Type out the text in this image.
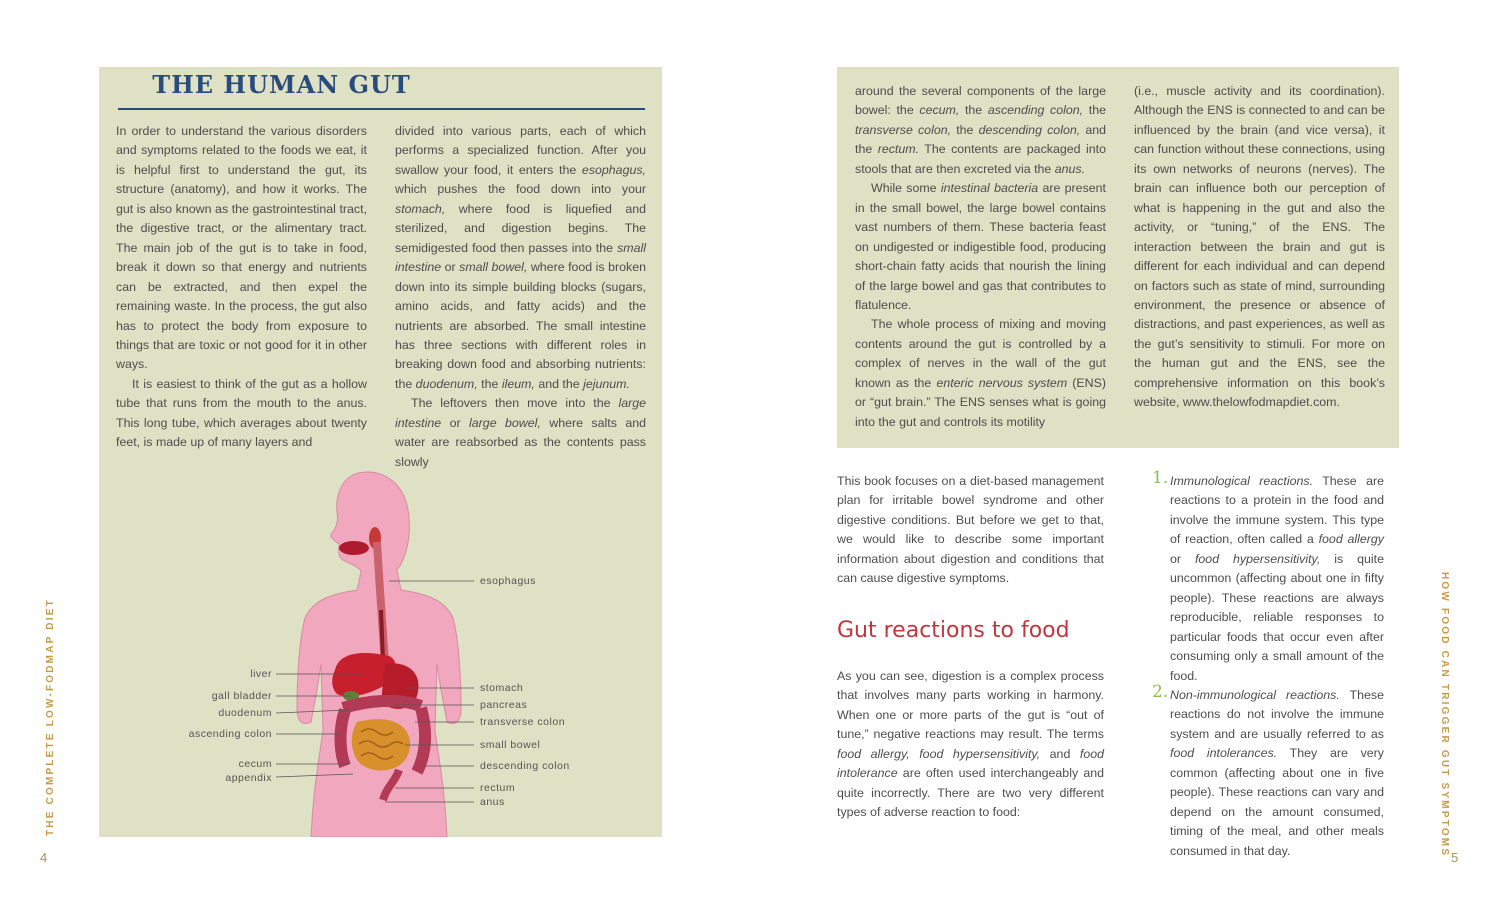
THE HUMAN GUT

In order to understand the various disorders and symptoms related to the foods we eat, it is helpful first to understand the gut, its structure (anatomy), and how it works. The gut is also known as the gastrointestinal tract, the digestive tract, or the alimentary tract. The main job of the gut is to take in food, break it down so that energy and nutrients can be extracted, and then expel the remaining waste. In the process, the gut also has to protect the body from exposure to things that are toxic or not good for it in other ways.

It is easiest to think of the gut as a hollow tube that runs from the mouth to the anus. This long tube, which averages about twenty feet, is made up of many layers and

divided into various parts, each of which performs a specialized function. After you swallow your food, it enters the esophagus, which pushes the food down into your stomach, where food is liquefied and sterilized, and digestion begins. The semidigested food then passes into the small intestine or small bowel, where food is broken down into its simple building blocks (sugars, amino acids, and fatty acids) and the nutrients are absorbed. The small intestine has three sections with different roles in breaking down food and absorbing nutrients: the duodenum, the ileum, and the jejunum.

The leftovers then move into the large intestine or large bowel, where salts and water are reabsorbed as the contents pass slowly

esophagus
liver
gall bladder
duodenum
ascending colon
cecum
appendix
stomach
pancreas
transverse colon
small bowel
descending colon
rectum
anus
THE COMPLETE LOW-FODMAP DIET
4

around the several components of the large bowel: the cecum, the ascending colon, the transverse colon, the descending colon, and the rectum. The contents are packaged into stools that are then excreted via the anus.

While some intestinal bacteria are present in the small bowel, the large bowel contains vast numbers of them. These bacteria feast on undigested or indigestible food, producing short-chain fatty acids that nourish the lining of the large bowel and gas that contributes to flatulence.

The whole process of mixing and moving contents around the gut is controlled by a complex of nerves in the wall of the gut known as the enteric nervous system (ENS) or “gut brain.” The ENS senses what is going into the gut and controls its motility

(i.e., muscle activity and its coordination). Although the ENS is connected to and can be influenced by the brain (and vice versa), it can function without these connections, using its own networks of neurons (nerves). The brain can influence both our perception of what is happening in the gut and also the activity, or “tuning,” of the ENS. The interaction between the brain and gut is different for each individual and can depend on factors such as state of mind, surrounding environment, the presence or absence of distractions, and past experiences, as well as the gut’s sensitivity to stimuli. For more on the human gut and the ENS, see the comprehensive information on this book’s website, www.thelowfodmapdiet.com.

This book focuses on a diet-based management plan for irritable bowel syndrome and other digestive conditions. But before we get to that, we would like to describe some important information about digestion and conditions that can cause digestive symptoms.

Gut reactions to food

As you can see, digestion is a complex process that involves many parts working in harmony. When one or more parts of the gut is “out of tune,” negative reactions may result. The terms food allergy, food hypersensitivity, and food intolerance are often used interchangeably and quite incorrectly. There are two very different types of adverse reaction to food:

1. Immunological reactions. These are reactions to a protein in the food and involve the immune system. This type of reaction, often called a food allergy or food hypersensitivity, is quite uncommon (affecting about one in fifty people). These reactions are always reproducible, reliable responses to particular foods that occur even after consuming only a small amount of the food.
2. Non-immunological reactions. These reactions do not involve the immune system and are usually referred to as food intolerances. They are very common (affecting about one in five people). These reactions can vary and depend on the amount consumed, timing of the meal, and other meals consumed in that day.	HOW FOOD CAN TRIGGER GUT SYMPTOMS
5
